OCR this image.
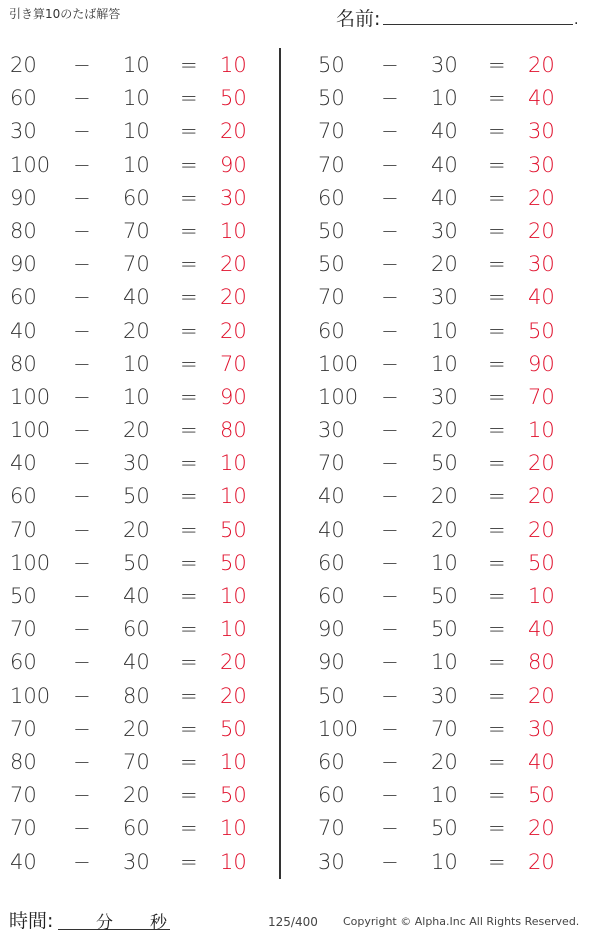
引き算10のたば解答	名前:	.
20 − 10 = 10
60 − 10 = 50
30 − 10 = 20
100 − 10 = 90
90 − 60 = 30
80 − 70 = 10
90 − 70 = 20
60 − 40 = 20
40 − 20 = 20
80 − 10 = 70
100 − 10 = 90
100 − 20 = 80
40 − 30 = 10
60 − 50 = 10
70 − 20 = 50
100 − 50 = 50
50 − 40 = 10
70 − 60 = 10
60 − 40 = 20
100 − 80 = 20
70 − 20 = 50
80 − 70 = 10
70 − 20 = 50
70 − 60 = 10
40 − 30 = 10
50 − 30 = 20
50 − 10 = 40
70 − 40 = 30
70 − 40 = 30
60 − 40 = 20
50 − 30 = 20
50 − 20 = 30
70 − 30 = 40
60 − 10 = 50
100 − 10 = 90
100 − 30 = 70
30 − 20 = 10
70 − 50 = 20
40 − 20 = 20
40 − 20 = 20
60 − 10 = 50
60 − 50 = 10
90 − 50 = 40
90 − 10 = 80
50 − 30 = 20
100 − 70 = 30
60 − 20 = 40
60 − 10 = 50
70 − 50 = 20
30 − 10 = 20
時間:	分 秒	125/400 Copyright © Alpha.Inc All Rights Reserved.
